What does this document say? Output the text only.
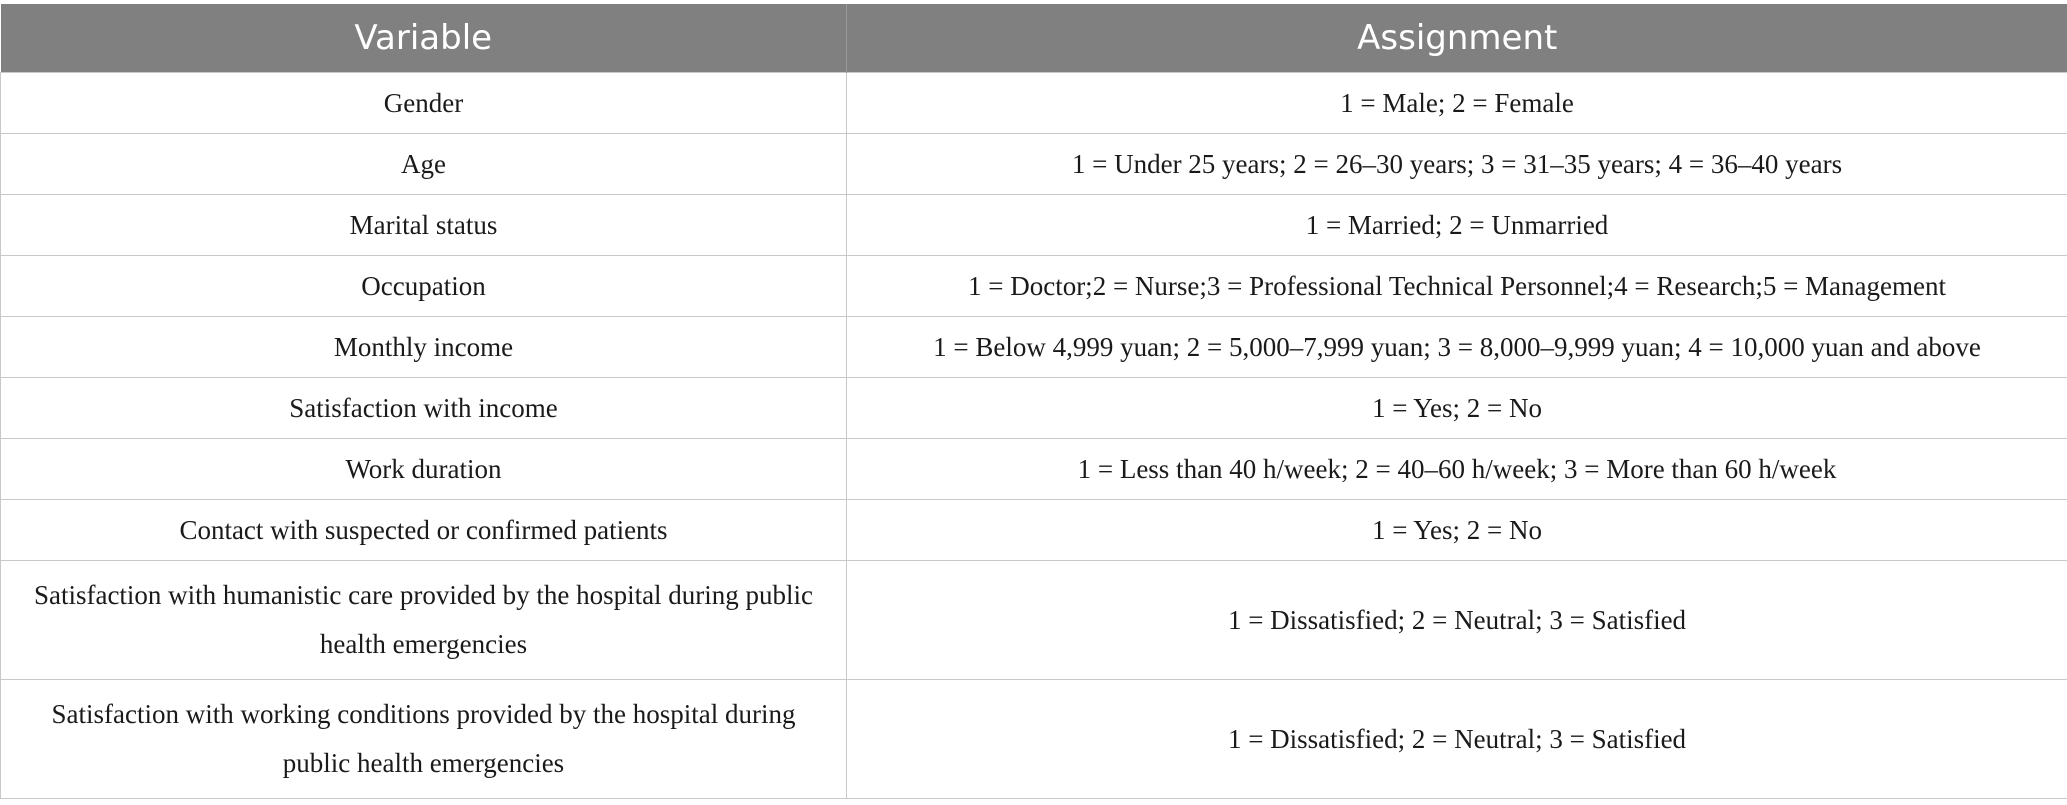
Variable	Assignment
Gender	1 = Male; 2 = Female
Age	1 = Under 25 years; 2 = 26–30 years; 3 = 31–35 years; 4 = 36–40 years
Marital status	1 = Married; 2 = Unmarried
Occupation	1 = Doctor;2 = Nurse;3 = Professional Technical Personnel;4 = Research;5 = Management
Monthly income	1 = Below 4,999 yuan; 2 = 5,000–7,999 yuan; 3 = 8,000–9,999 yuan; 4 = 10,000 yuan and above
Satisfaction with income	1 = Yes; 2 = No
Work duration	1 = Less than 40 h/week; 2 = 40–60 h/week; 3 = More than 60 h/week
Contact with suspected or confirmed patients	1 = Yes; 2 = No
Satisfaction with humanistic care provided by the hospital during public health emergencies	1 = Dissatisfied; 2 = Neutral; 3 = Satisfied
Satisfaction with working conditions provided by the hospital during public health emergencies	1 = Dissatisfied; 2 = Neutral; 3 = Satisfied
